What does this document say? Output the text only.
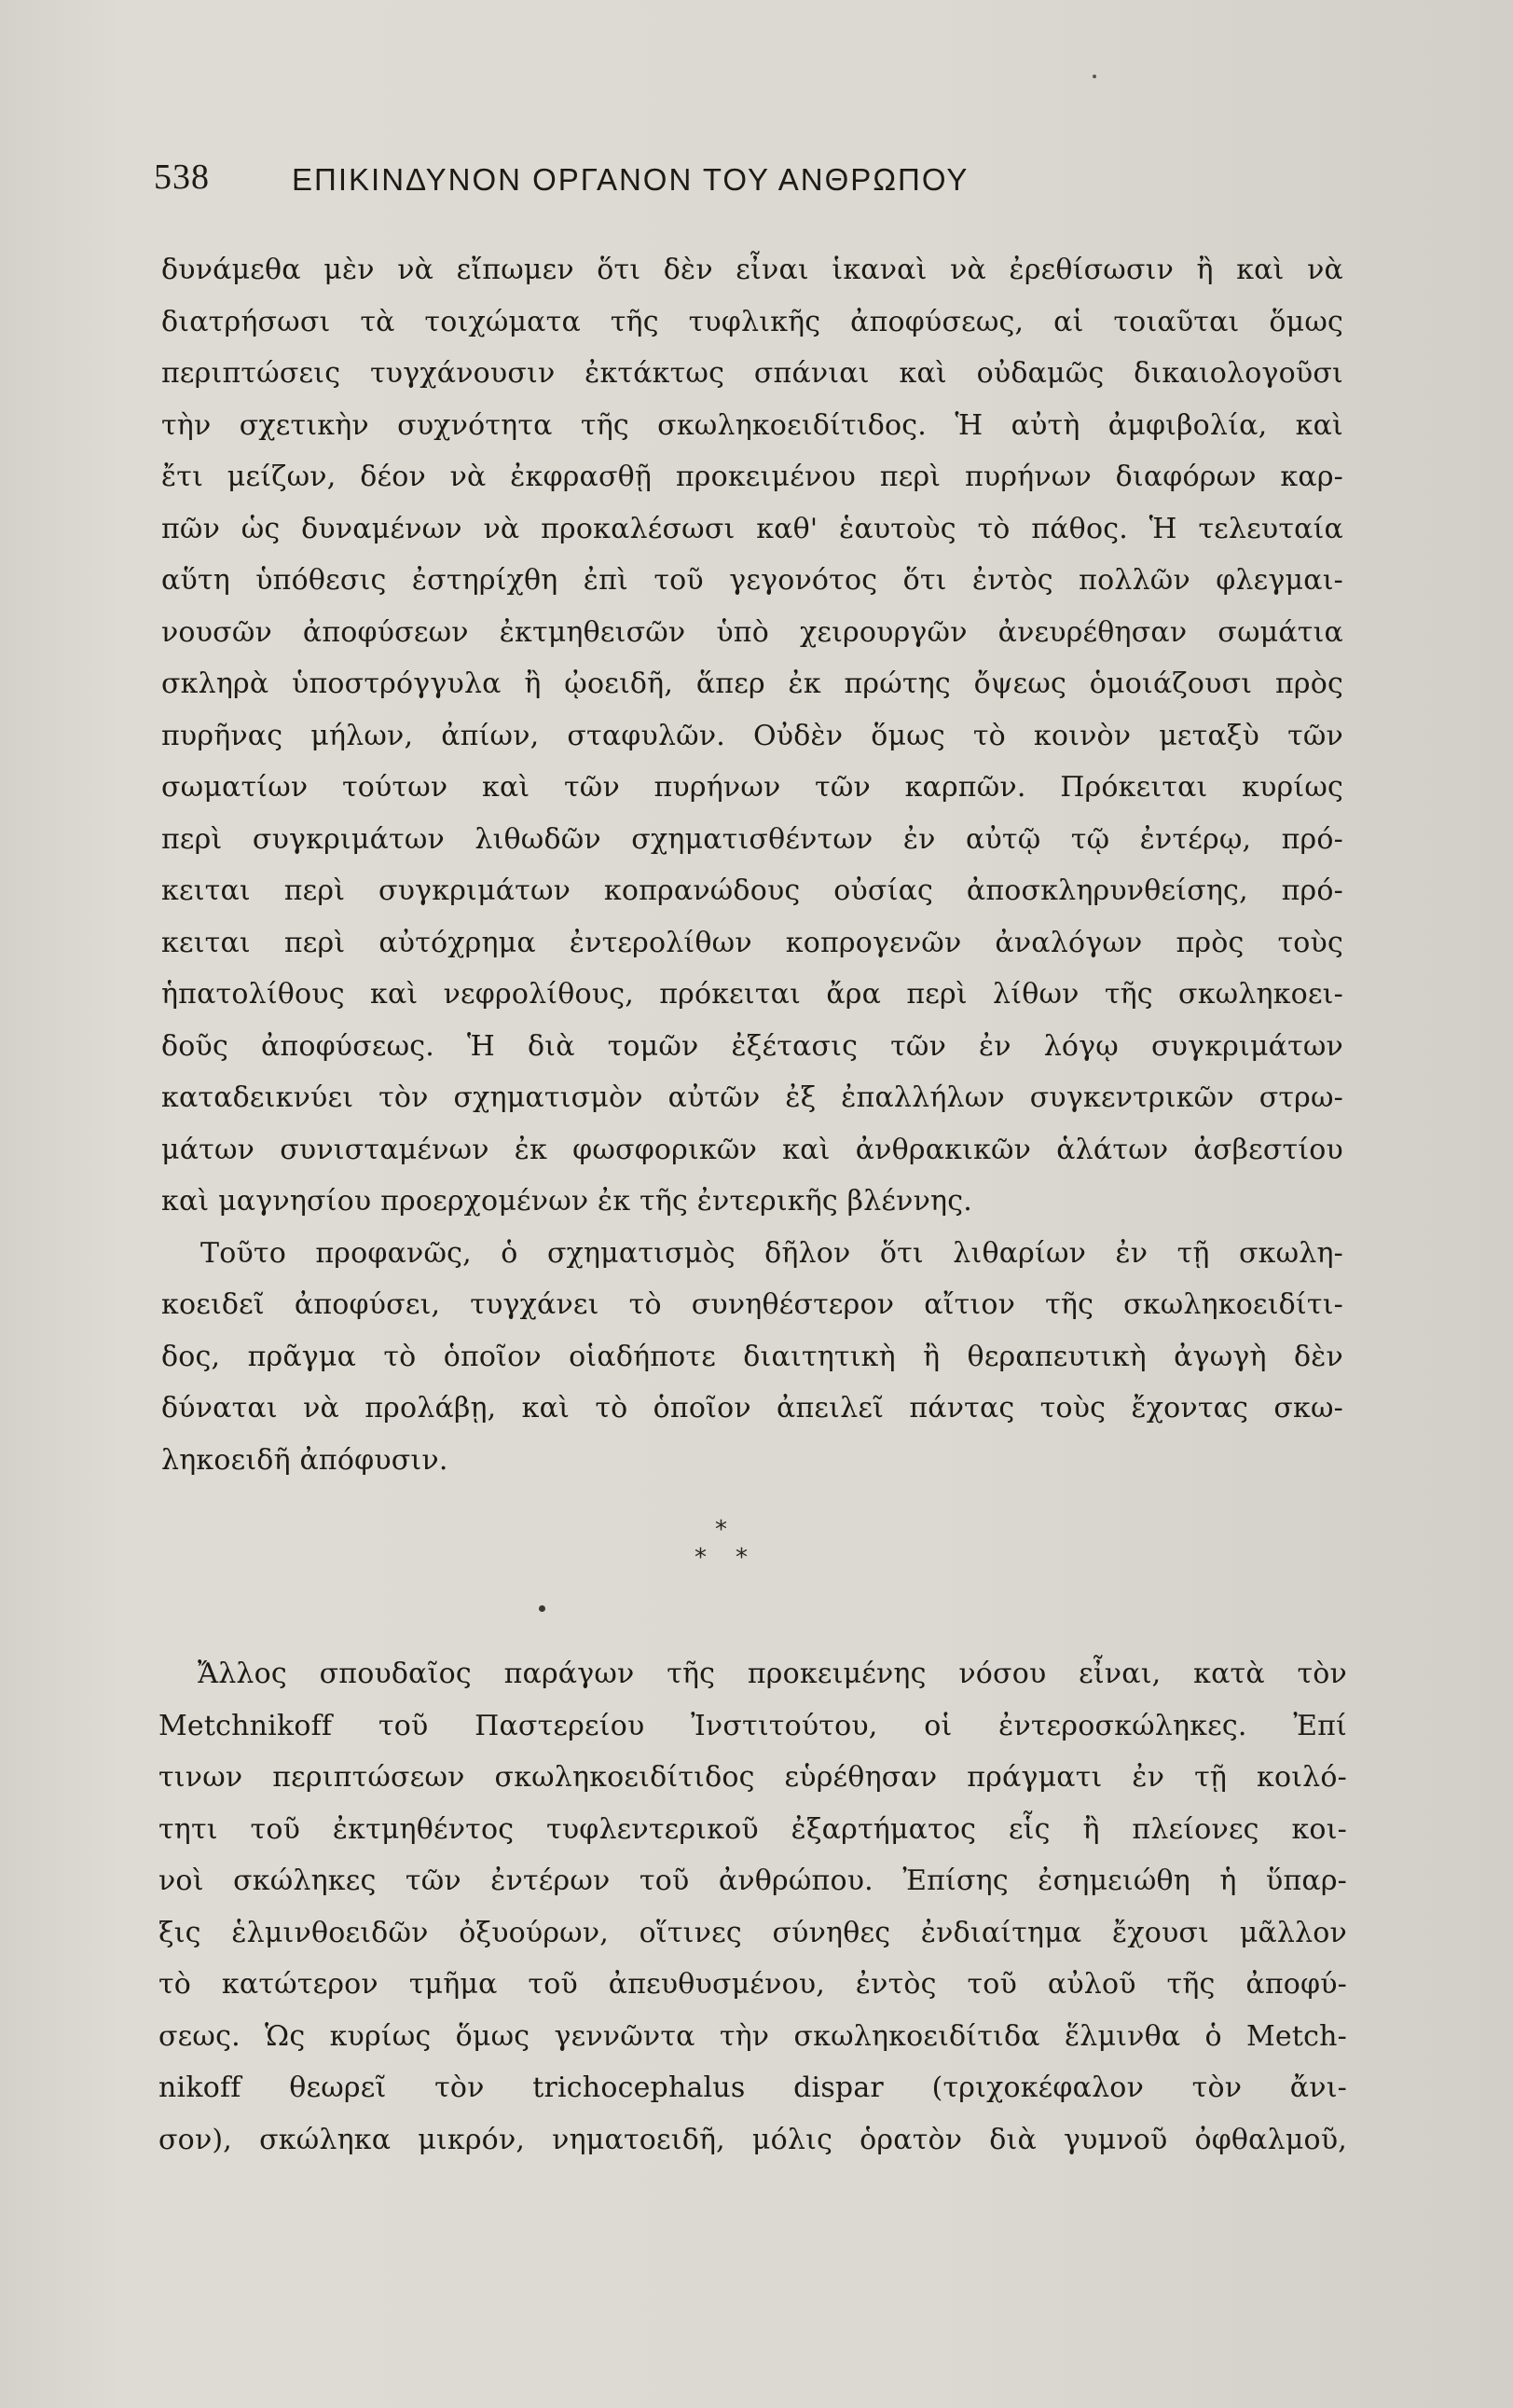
538	ΕΠΙΚΙΝΔΥΝΟΝ ΟΡΓΑΝΟΝ ΤΟΥ ΑΝΘΡΩΠΟΥ
δυνάμεθα μὲν νὰ εἴπωμεν ὅτι δὲν εἶναι ἱκαναὶ νὰ ἐρεθίσωσιν ἢ καὶ νὰ
διατρήσωσι τὰ τοιχώματα τῆς τυφλικῆς ἀποφύσεως, αἱ τοιαῦται ὅμως
περιπτώσεις τυγχάνουσιν ἐκτάκτως σπάνιαι καὶ οὐδαμῶς δικαιολογοῦσι
τὴν σχετικὴν συχνότητα τῆς σκωληκοειδίτιδος. Ἡ αὐτὴ ἀμφιβολία, καὶ
ἔτι μείζων, δέον νὰ ἐκφρασθῇ προκειμένου περὶ πυρήνων διαφόρων καρ-
πῶν ὡς δυναμένων νὰ προκαλέσωσι καθ' ἑαυτοὺς τὸ πάθος. Ἡ τελευταία
αὕτη ὑπόθεσις ἐστηρίχθη ἐπὶ τοῦ γεγονότος ὅτι ἐντὸς πολλῶν φλεγμαι-
νουσῶν ἀποφύσεων ἐκτμηθεισῶν ὑπὸ χειρουργῶν ἀνευρέθησαν σωμάτια
σκληρὰ ὑποστρόγγυλα ἢ ᾠοειδῆ, ἅπερ ἐκ πρώτης ὄψεως ὁμοιάζουσι πρὸς
πυρῆνας μήλων, ἀπίων, σταφυλῶν. Οὐδὲν ὅμως τὸ κοινὸν μεταξὺ τῶν
σωματίων τούτων καὶ τῶν πυρήνων τῶν καρπῶν. Πρόκειται κυρίως
περὶ συγκριμάτων λιθωδῶν σχηματισθέντων ἐν αὐτῷ τῷ ἐντέρῳ, πρό-
κειται περὶ συγκριμάτων κοπρανώδους οὐσίας ἀποσκληρυνθείσης, πρό-
κειται περὶ αὐτόχρημα ἐντερολίθων κοπρογενῶν ἀναλόγων πρὸς τοὺς
ἡπατολίθους καὶ νεφρολίθους, πρόκειται ἄρα περὶ λίθων τῆς σκωληκοει-
δοῦς ἀποφύσεως. Ἡ διὰ τομῶν ἐξέτασις τῶν ἐν λόγῳ συγκριμάτων
καταδεικνύει τὸν σχηματισμὸν αὐτῶν ἐξ ἐπαλλήλων συγκεντρικῶν στρω-
μάτων συνισταμένων ἐκ φωσφορικῶν καὶ ἀνθρακικῶν ἁλάτων ἀσβεστίου
καὶ μαγνησίου προερχομένων ἐκ τῆς ἐντερικῆς βλέννης.
Τοῦτο προφανῶς, ὁ σχηματισμὸς δῆλον ὅτι λιθαρίων ἐν τῇ σκωλη-
κοειδεῖ ἀποφύσει, τυγχάνει τὸ συνηθέστερον αἴτιον τῆς σκωληκοειδίτι-
δος, πρᾶγμα τὸ ὁποῖον οἱαδήποτε διαιτητικὴ ἢ θεραπευτικὴ ἀγωγὴ δὲν
δύναται νὰ προλάβῃ, καὶ τὸ ὁποῖον ἀπειλεῖ πάντας τοὺς ἔχοντας σκω-
ληκοειδῆ ἀπόφυσιν.
*
* *
Ἄλλος σπουδαῖος παράγων τῆς προκειμένης νόσου εἶναι, κατὰ τὸν
Metchnikoff τοῦ Παστερείου Ἰνστιτούτου, οἱ ἐντεροσκώληκες. Ἐπί
τινων περιπτώσεων σκωληκοειδίτιδος εὑρέθησαν πράγματι ἐν τῇ κοιλό-
τητι τοῦ ἐκτμηθέντος τυφλεντερικοῦ ἐξαρτήματος εἷς ἢ πλείονες κοι-
νοὶ σκώληκες τῶν ἐντέρων τοῦ ἀνθρώπου. Ἐπίσης ἐσημειώθη ἡ ὕπαρ-
ξις ἑλμινθοειδῶν ὀξυούρων, οἵτινες σύνηθες ἐνδιαίτημα ἔχουσι μᾶλλον
τὸ κατώτερον τμῆμα τοῦ ἀπευθυσμένου, ἐντὸς τοῦ αὐλοῦ τῆς ἀποφύ-
σεως. Ὡς κυρίως ὅμως γεννῶντα τὴν σκωληκοειδίτιδα ἕλμινθα ὁ Metch-
nikoff θεωρεῖ τὸν trichocephalus dispar (τριχοκέφαλον τὸν ἄνι-
σον), σκώληκα μικρόν, νηματοειδῆ, μόλις ὁρατὸν διὰ γυμνοῦ ὀφθαλμοῦ,
